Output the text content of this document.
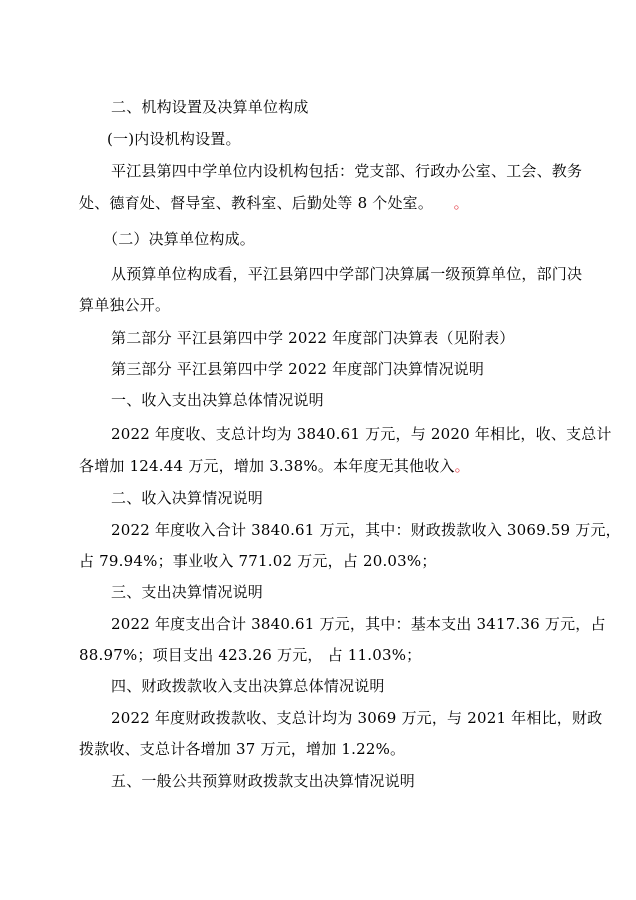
二、机构设置及决算单位构成
(一)内设机构设置。
平江县第四中学单位内设机构包括：党支部、行政办公室、工会、教务
处、德育处、督导室、教科室、后勤处等 8 个处室。 。
（二）决算单位构成。
从预算单位构成看，平江县第四中学部门决算属一级预算单位，部门决
算单独公开。
第二部分 平江县第四中学 2022 年度部门决算表（见附表）
第三部分 平江县第四中学 2022 年度部门决算情况说明
一、收入支出决算总体情况说明
2022 年度收、支总计均为 3840.61 万元，与 2020 年相比，收、支总计
各增加 124.44 万元，增加 3.38%。本年度无其他收入。
二、收入决算情况说明
2022 年度收入合计 3840.61 万元，其中：财政拨款收入 3069.59 万元，
占 79.94%；事业收入 771.02 万元，占 20.03%；
三、支出决算情况说明
2022 年度支出合计 3840.61 万元，其中：基本支出 3417.36 万元，占
88.97%；项目支出 423.26 万元， 占 11.03%；
四、财政拨款收入支出决算总体情况说明
2022 年度财政拨款收、支总计均为 3069 万元，与 2021 年相比，财政
拨款收、支总计各增加 37 万元，增加 1.22%。
五、一般公共预算财政拨款支出决算情况说明
